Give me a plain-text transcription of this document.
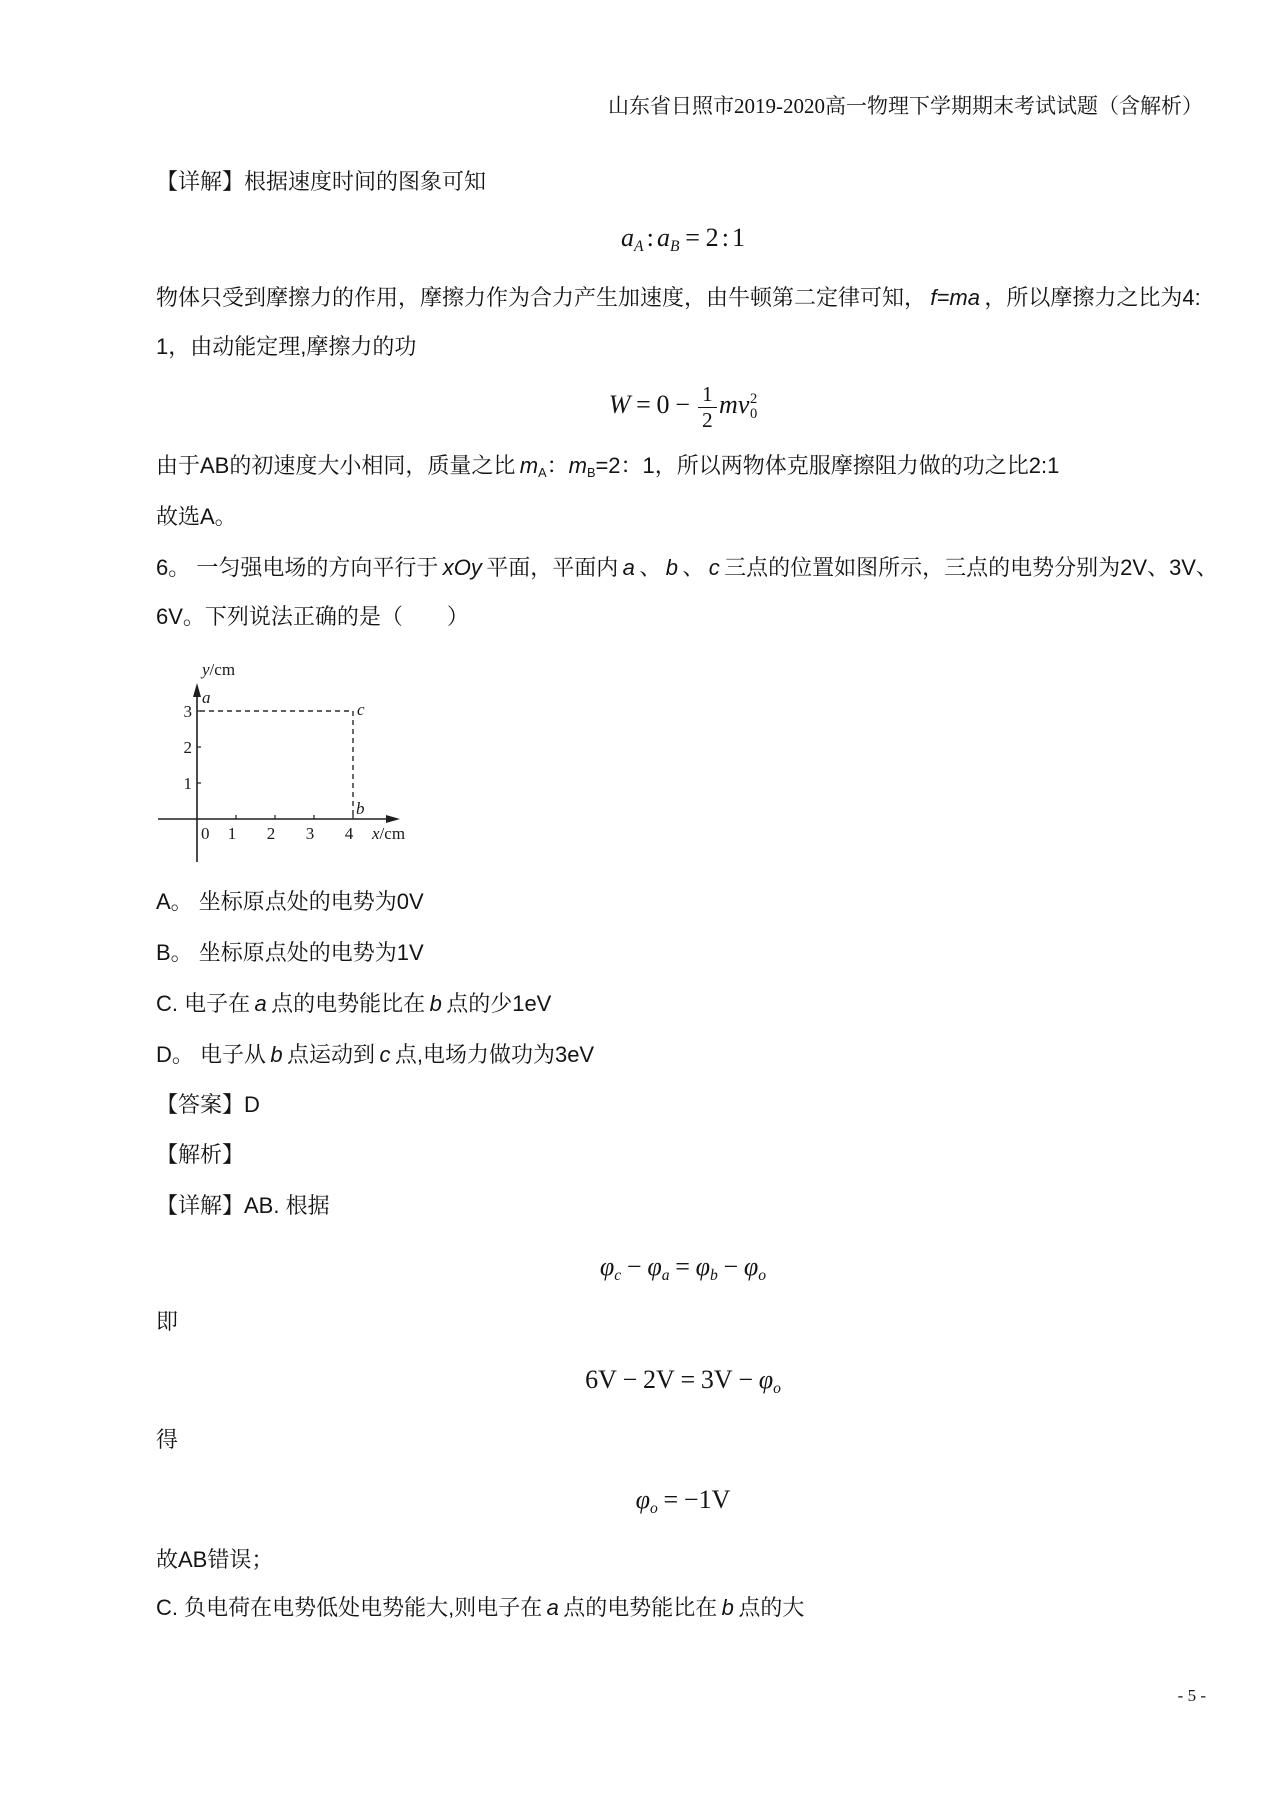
山东省日照市2019-2020高一物理下学期期末考试试题（含解析）
【详解】根据速度时间的图象可知
$a_A$ : $a_B = 2$ : 1
物体只受到摩擦力的作用，摩擦力作为合力产生加速度，由牛顿第二定律可知， f=ma ，所以摩擦力之比为4:
1，由动能定理,摩擦力的功
$W = 0 - \frac{1}{2}$ mv 2
0
由于AB的初速度大小相同，质量之比 mA：mB=2：1，所以两物体克服摩擦阻力做的功之比2:1
故选A。
6。 一匀强电场的方向平行于 xOy 平面，平面内 a 、 b 、 c 三点的位置如图所示，三点的电势分别为2V、3V、
6V。下列说法正确的是（　　）
1
2
3
0 1 2 3 4
y/cm
x/cm
a
c
b
A。 坐标原点处的电势为0V
B。 坐标原点处的电势为1V
C. 电子在 a 点的电势能比在 b 点的少1eV
D。 电子从 b 点运动到 c 点,电场力做功为3eV
【答案】D
【解析】
【详解】AB. 根据
$\varphi_c - \varphi_a = \varphi_b - \varphi_o$
即
$6V - 2V = 3V - \varphi_o$
得
$\varphi_o = -1V$
故AB错误；
C. 负电荷在电势低处电势能大,则电子在 a 点的电势能比在 b 点的大
- 5 -
